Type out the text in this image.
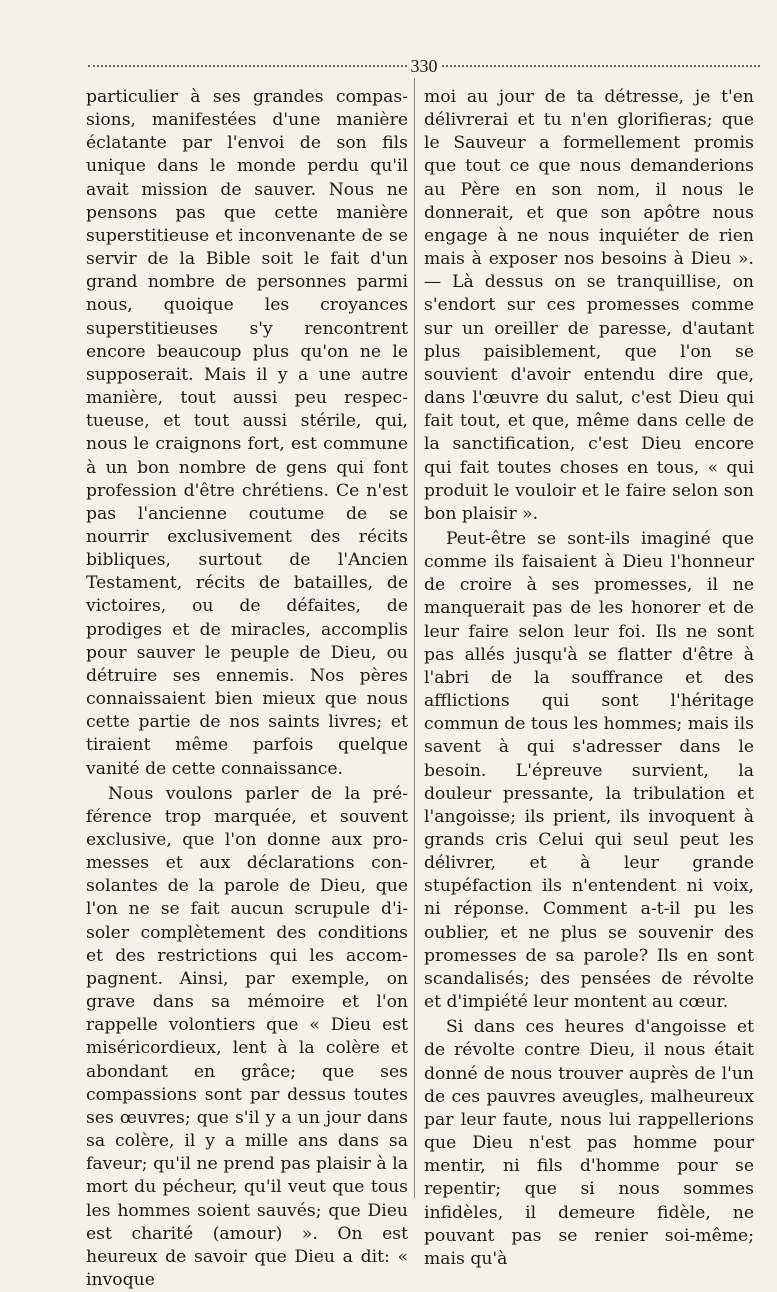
330

particulier à ses grandes compassions, manifestées d'une manière éclatante par l'envoi de son fils unique dans le monde perdu qu'il avait mission de sauver. Nous ne pensons pas que cette manière superstitieuse et inconvenante de se servir de la Bible soit le fait d'un grand nombre de personnes parmi nous, quoique les croyances superstitieuses s'y rencontrent encore beaucoup plus qu'on ne le supposerait. Mais il y a une autre manière, tout aussi peu respectueuse, et tout aussi stérile, qui, nous le craignons fort, est commune à un bon nombre de gens qui font profession d'être chrétiens. Ce n'est pas l'ancienne coutume de se nourrir exclusivement des récits bibliques, surtout de l'Ancien Testament, récits de batailles, de victoires, ou de défaites, de prodiges et de miracles, accomplis pour sauver le peuple de Dieu, ou détruire ses ennemis. Nos pères connaissaient bien mieux que nous cette partie de nos saints livres; et tiraient même parfois quelque vanité de cette connaissance.

Nous voulons parler de la préférence trop marquée, et souvent exclusive, que l'on donne aux promesses et aux déclarations consolantes de la parole de Dieu, que l'on ne se fait aucun scrupule d'isoler complètement des conditions et des restrictions qui les accompagnent. Ainsi, par exemple, on grave dans sa mémoire et l'on rappelle volontiers que « Dieu est miséricordieux, lent à la colère et abondant en grâce; que ses compassions sont par dessus toutes ses œuvres; que s'il y a un jour dans sa colère, il y a mille ans dans sa faveur; qu'il ne prend pas plaisir à la mort du pécheur, qu'il veut que tous les hommes soient sauvés; que Dieu est charité (amour) ». On est heureux de savoir que Dieu a dit: « invoque

moi au jour de ta détresse, je t'en délivrerai et tu n'en glorifieras; que le Sauveur a formellement promis que tout ce que nous demanderions au Père en son nom, il nous le donnerait, et que son apôtre nous engage à ne nous inquiéter de rien mais à exposer nos besoins à Dieu ». — Là dessus on se tranquillise, on s'endort sur ces promesses comme sur un oreiller de paresse, d'autant plus paisiblement, que l'on se souvient d'avoir entendu dire que, dans l'œuvre du salut, c'est Dieu qui fait tout, et que, même dans celle de la sanctification, c'est Dieu encore qui fait toutes choses en tous, « qui produit le vouloir et le faire selon son bon plaisir ».

Peut-être se sont-ils imaginé que comme ils faisaient à Dieu l'honneur de croire à ses promesses, il ne manquerait pas de les honorer et de leur faire selon leur foi. Ils ne sont pas allés jusqu'à se flatter d'être à l'abri de la souffrance et des afflictions qui sont l'héritage commun de tous les hommes; mais ils savent à qui s'adresser dans le besoin. L'épreuve survient, la douleur pressante, la tribulation et l'angoisse; ils prient, ils invoquent à grands cris Celui qui seul peut les délivrer, et à leur grande stupéfaction ils n'entendent ni voix, ni réponse. Comment a-t-il pu les oublier, et ne plus se souvenir des promesses de sa parole? Ils en sont scandalisés; des pensées de révolte et d'impiété leur montent au cœur.

Si dans ces heures d'angoisse et de révolte contre Dieu, il nous était donné de nous trouver auprès de l'un de ces pauvres aveugles, malheureux par leur faute, nous lui rappellerions que Dieu n'est pas homme pour mentir, ni fils d'homme pour se repentir; que si nous sommes infidèles, il demeure fidèle, ne pouvant pas se renier soi-même; mais qu'à
